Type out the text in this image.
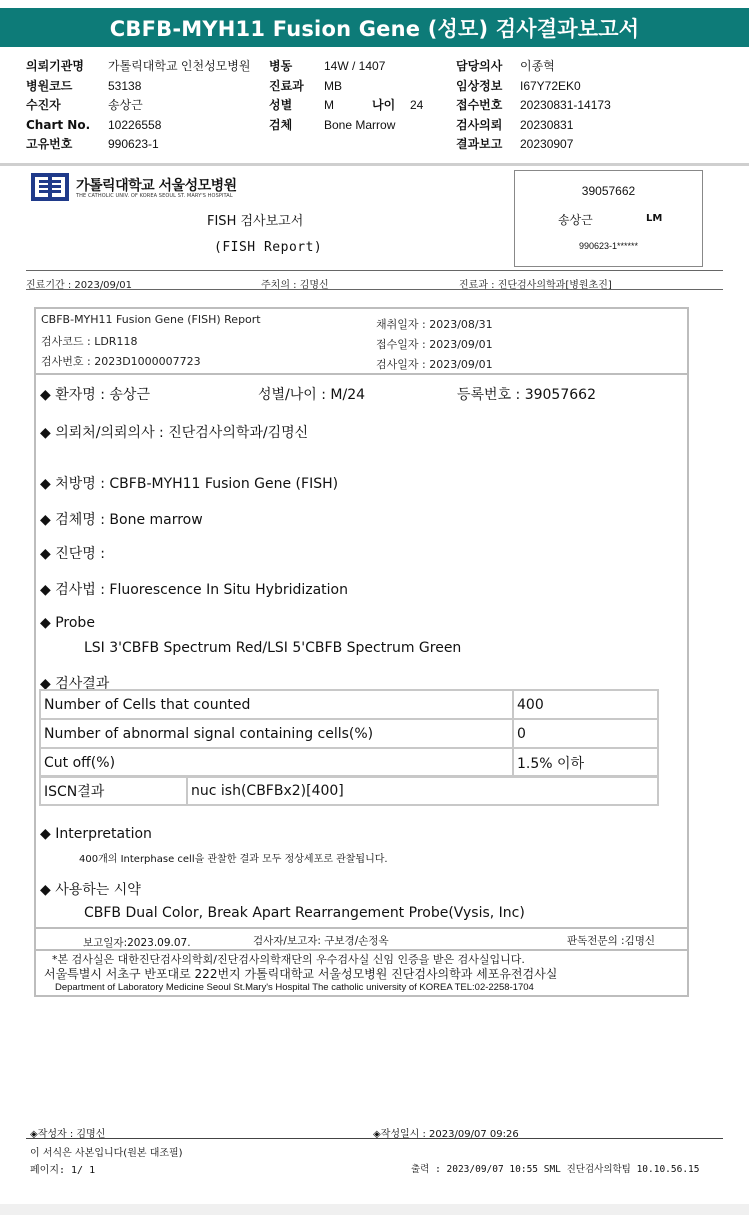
CBFB-MYH11 Fusion Gene (성모) 검사결과보고서
의뢰기관명	가톨릭대학교 인천성모병원
병원코드	53138
수진자	송상근
Chart No.	10226558
고유번호	990623-1
병동	14W / 1407
진료과	MB
성별	M	나이	24
검체	Bone Marrow
담당의사	이종혁
임상정보	I67Y72EK0
접수번호	20230831-14173
검사의뢰	20230831
결과보고	20230907
가톨릭대학교 서울성모병원
THE CATHOLIC UNIV. OF KOREA SEOUL ST. MARY'S HOSPITAL
FISH 검사보고서
(FISH Report)
39057662
송상근	LM
990623-1******
진료기간 : 2023/09/01	주치의 : 김명신	진료과 : 진단검사의학과[병원초진]
CBFB-MYH11 Fusion Gene (FISH) Report
검사코드 : LDR118
검사번호 : 2023D1000007723
채취일자 : 2023/08/31
접수일자 : 2023/09/01
검사일자 : 2023/09/01
◆ 환자명 : 송상근	성별/나이 : M/24	등록번호 : 39057662
◆ 의뢰처/의뢰의사 : 진단검사의학과/김명신
◆ 처방명 : CBFB-MYH11 Fusion Gene (FISH)
◆ 검체명 : Bone marrow
◆ 진단명 :
◆ 검사법 : Fluorescence In Situ Hybridization
◆ Probe
LSI 3'CBFB Spectrum Red/LSI 5'CBFB Spectrum Green
◆ 검사결과
Number of Cells that counted	400
Number of abnormal signal containing cells(%)	0
Cut off(%)	1.5% 이하
ISCN결과	nuc ish(CBFBx2)[400]
◆ Interpretation
400개의 Interphase cell을 관찰한 결과 모두 정상세포로 관찰됩니다.
◆ 사용하는 시약
CBFB Dual Color, Break Apart Rearrangement Probe(Vysis, Inc)
보고일자:2023.09.07.	검사자/보고자: 구보경/손정옥	판독전문의 :김명신
*본 검사실은 대한진단검사의학회/진단검사의학재단의 우수검사실 신임 인증을 받은 검사실입니다.
서울특별시 서초구 반포대로 222번지 가톨릭대학교 서울성모병원 진단검사의학과 세포유전검사실
Department of Laboratory Medicine Seoul St.Mary's Hospital The catholic university of KOREA TEL:02-2258-1704
◈작성자 : 김명신	◈작성일시 : 2023/09/07 09:26
이 서식은 사본입니다(원본 대조필)
페이지: 1/ 1	출력 : 2023/09/07 10:55 SML 진단검사의학팀 10.10.56.15
